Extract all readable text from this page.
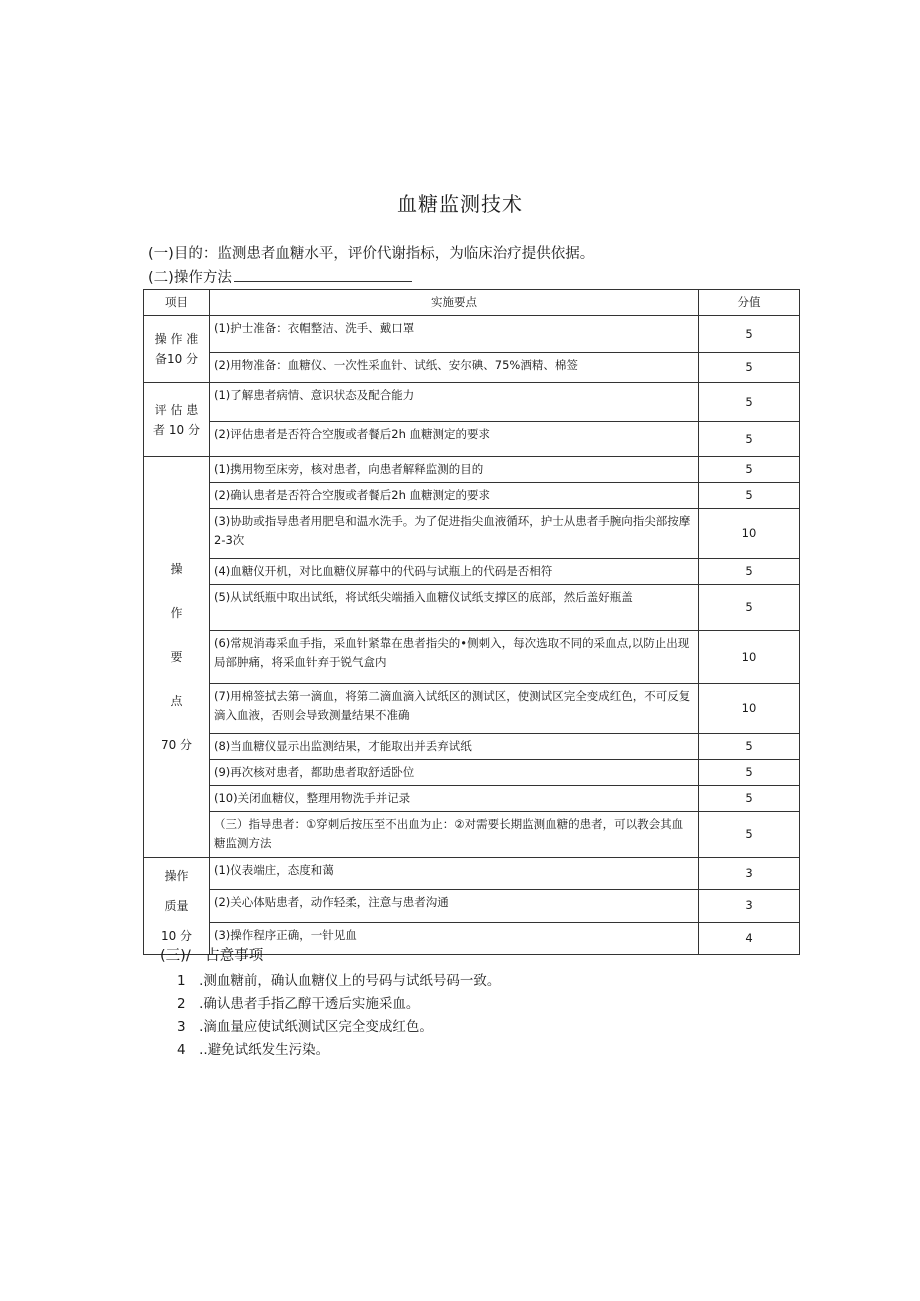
血糖监测技术
(一)目的：监测患者血糖水平，评价代谢指标，为临床治疗提供依据。
(二)操作方法
项目	实施要点	分值

操 作 准
备10 分	(1)护士准备：衣帽整洁、洗手、戴口罩	5
	(2)用物准备：血糖仪、一次性采血针、试纸、安尔碘、75%酒精、棉签	5

评 估 患
者 10 分	(1)了解患者病情、意识状态及配合能力	5
	(2)评估患者是否符合空腹或者餐后2h 血糖测定的要求	5

操
作
要
点
70 分	(1)携用物至床旁，核对患者，向患者解释监测的目的	5
	(2)确认患者是否符合空腹或者餐后2h 血糖测定的要求	5
	(3)协助或指导患者用肥皂和温水洗手。为了促进指尖血液循环，护士从患者手腕向指尖部按摩2-3次	10
	(4)血糖仪开机，对比血糖仪屏幕中的代码与试瓶上的代码是否相符	5
	(5)从试纸瓶中取出试纸，将试纸尖端插入血糖仪试纸支撑区的底部，然后盖好瓶盖	5
	(6)常规消毒采血手指，采血针紧靠在患者指尖的•侧刺入，每次选取不同的采血点,以防止出现局部肿痛，将采血针弃于锐气盒内	10
	(7)用棉签拭去第一滴血，将第二滴血滴入试纸区的测试区，使测试区完全变成红色，不可反复滴入血液，否则会导致测量结果不准确	10
	(8)当血糖仪显示出监测结果，才能取出并丢弃试纸	5
	(9)再次核对患者，都助患者取舒适卧位	5
	(10)关闭血糖仪，整理用物洗手并记录	5
	（三）指导患者：①穿刺后按压至不出血为止：②对需要长期监测血糖的患者，可以教会其血糖监测方法	5

操作
质量
10 分	(1)仪表端庄，态度和蔼	3
	(2)关心体贴患者，动作轻柔，注意与患者沟通	3
	(3)操作程序正确，一针见血	4
(三)/　占意事项
1　.测血糖前，确认血糖仪上的号码与试纸号码一致。
2　.确认患者手指乙醇干透后实施采血。
3　.滴血量应使试纸测试区完全变成红色。
4　..避免试纸发生污染。
